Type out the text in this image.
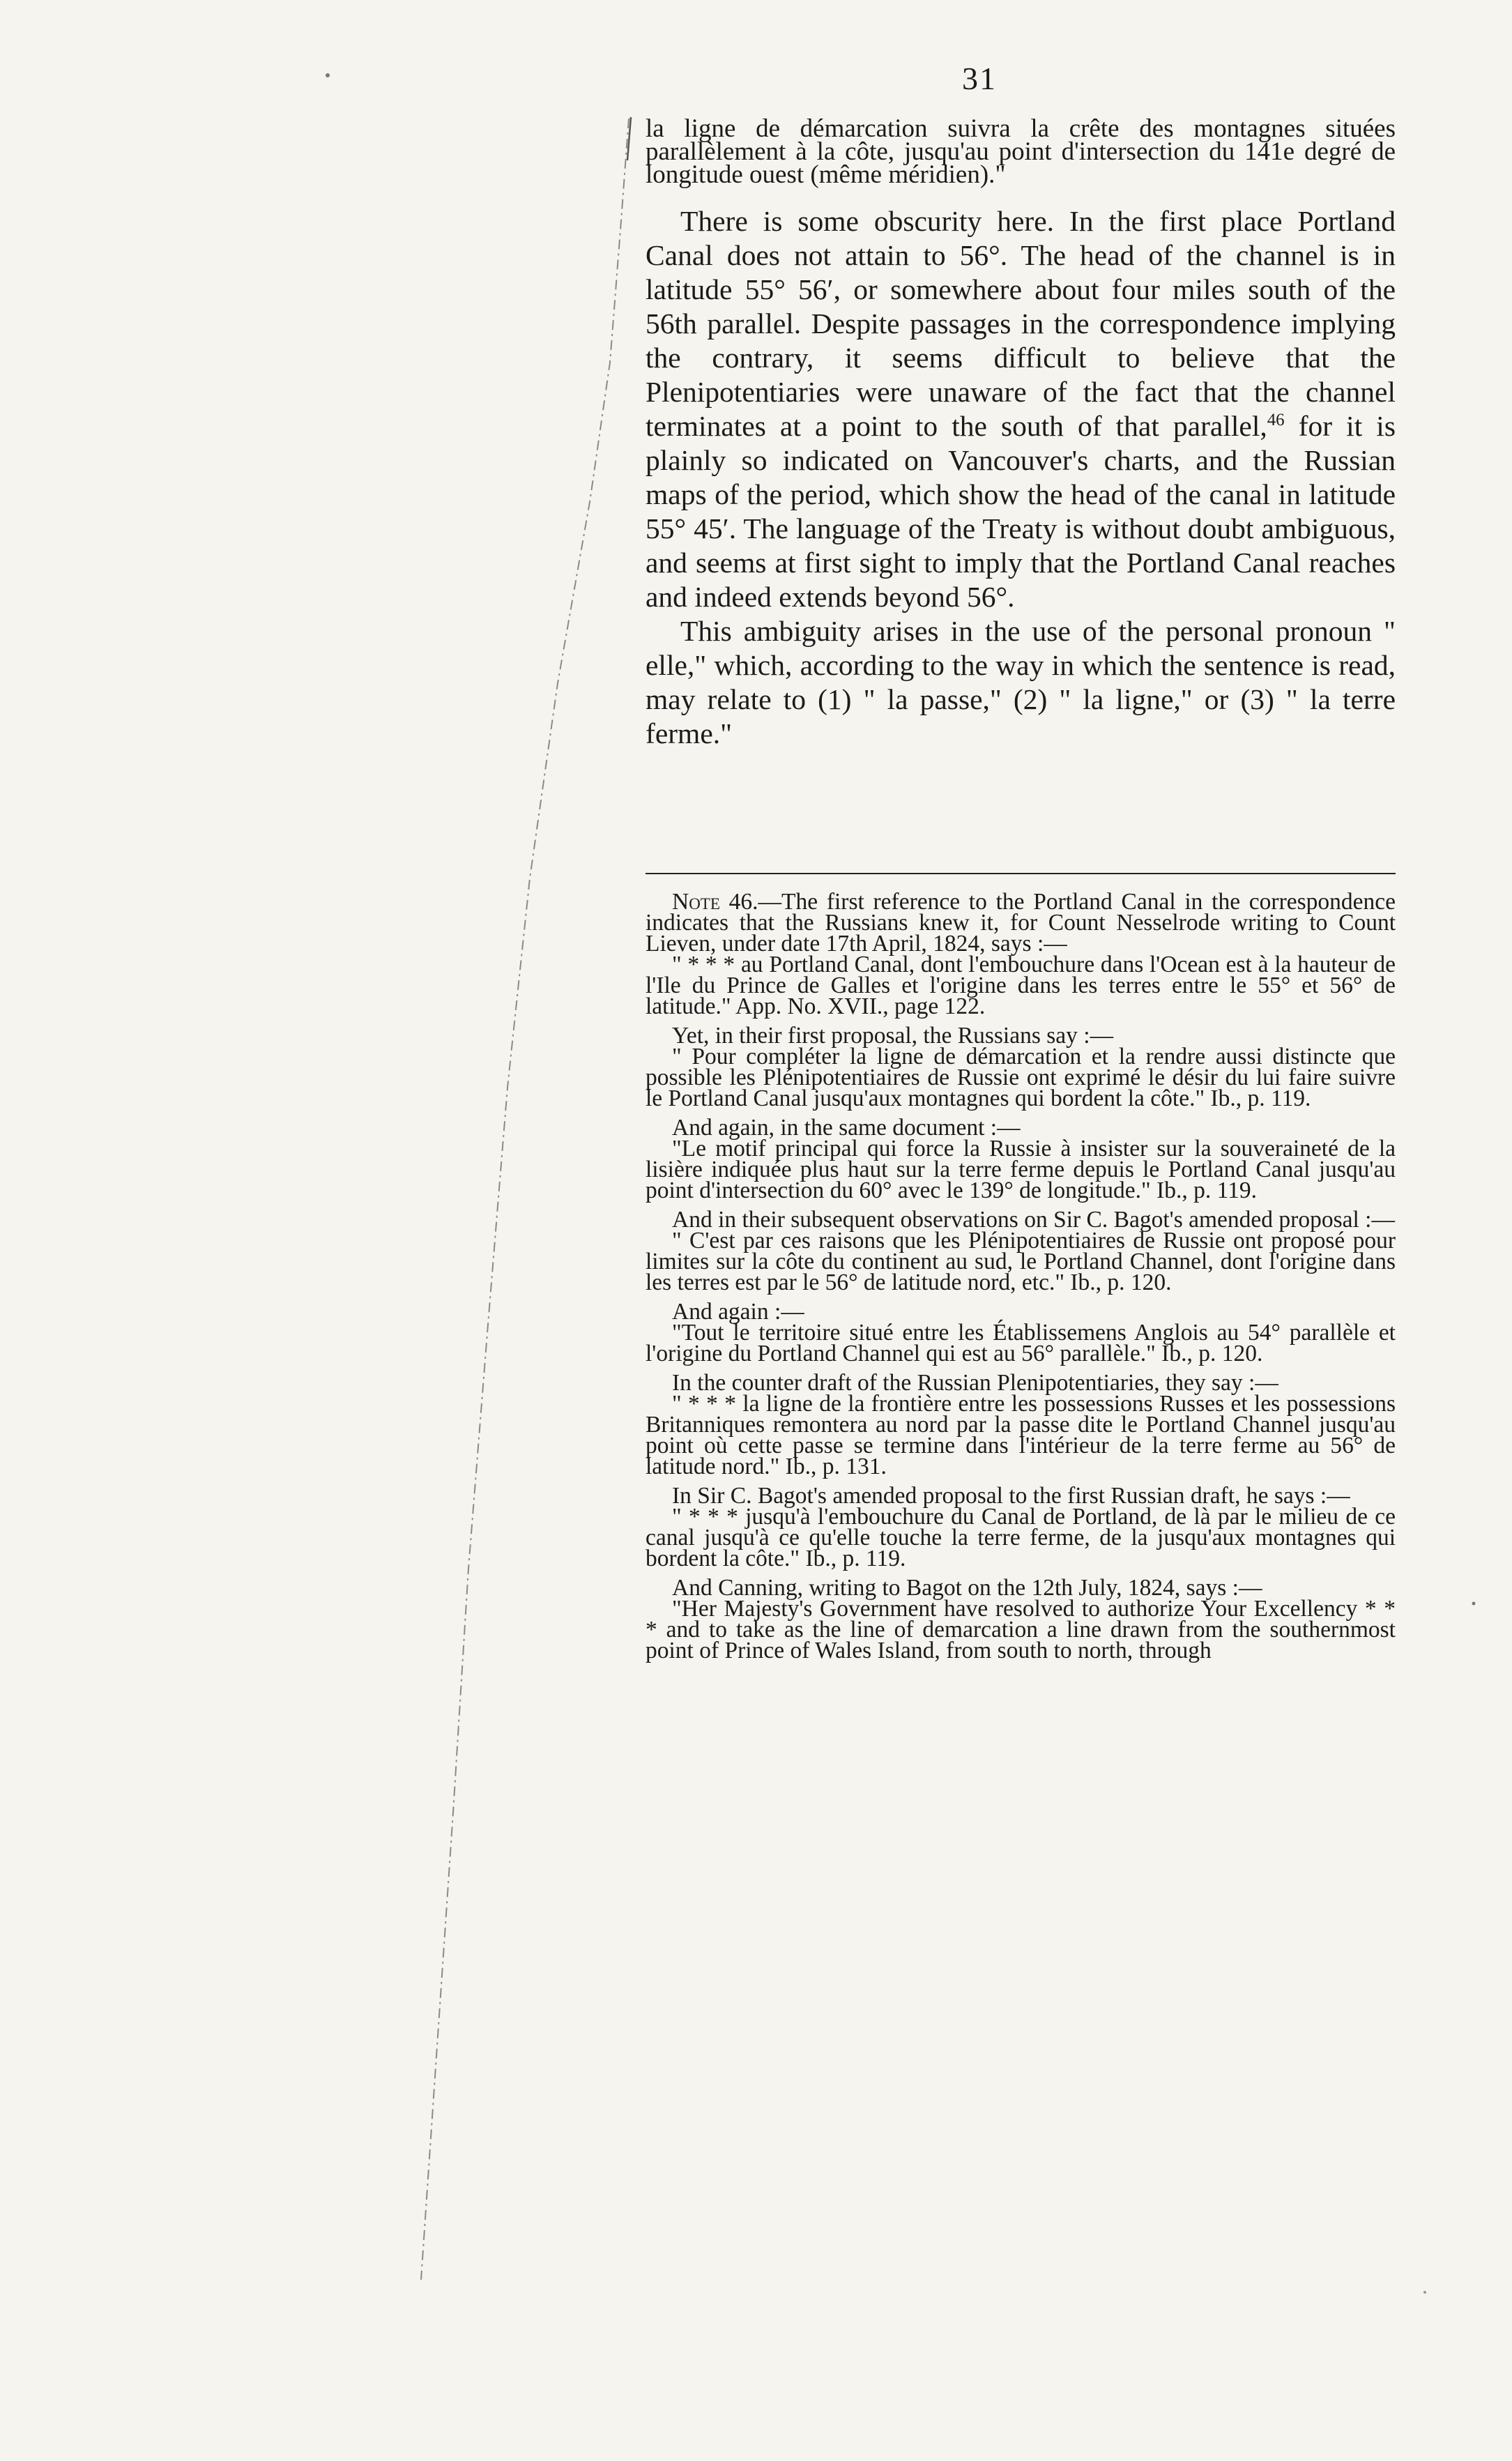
31

la ligne de démarcation suivra la crête des montagnes situées parallèlement à la côte, jusqu'au point d'intersection du 141e degré de longitude ouest (même méridien)."

There is some obscurity here. In the first place Portland Canal does not attain to 56°. The head of the channel is in latitude 55° 56′, or somewhere about four miles south of the 56th parallel. Despite passages in the correspondence implying the contrary, it seems difficult to believe that the Plenipotentiaries were unaware of the fact that the channel terminates at a point to the south of that parallel,$^{46}$ for it is plainly so indicated on Vancouver's charts, and the Russian maps of the period, which show the head of the canal in latitude 55° 45′. The language of the Treaty is without doubt ambiguous, and seems at first sight to imply that the Portland Canal reaches and indeed extends beyond 56°.

This ambiguity arises in the use of the personal pronoun " elle," which, according to the way in which the sentence is read, may relate to (1) " la passe," (2) " la ligne," or (3) " la terre ferme."

Note 46.—The first reference to the Portland Canal in the correspondence indicates that the Russians knew it, for Count Nesselrode writing to Count Lieven, under date 17th April, 1824, says :—

" * * * au Portland Canal, dont l'embouchure dans l'Ocean est à la hauteur de l'Ile du Prince de Galles et l'origine dans les terres entre le 55° et 56° de latitude." App. No. XVII., page 122.

Yet, in their first proposal, the Russians say :—

" Pour compléter la ligne de démarcation et la rendre aussi distincte que possible les Plénipotentiaires de Russie ont exprimé le désir du lui faire suivre le Portland Canal jusqu'aux montagnes qui bordent la côte." Ib., p. 119.

And again, in the same document :—

"Le motif principal qui force la Russie à insister sur la souveraineté de la lisière indiquée plus haut sur la terre ferme depuis le Portland Canal jusqu'au point d'intersection du 60° avec le 139° de longitude." Ib., p. 119.

And in their subsequent observations on Sir C. Bagot's amended proposal :—

" C'est par ces raisons que les Plénipotentiaires de Russie ont proposé pour limites sur la côte du continent au sud, le Portland Channel, dont l'origine dans les terres est par le 56° de latitude nord, etc." Ib., p. 120.

And again :—

"Tout le territoire situé entre les Établissemens Anglois au 54° parallèle et l'origine du Portland Channel qui est au 56° parallèle." Ib., p. 120.

In the counter draft of the Russian Plenipotentiaries, they say :—

" * * * la ligne de la frontière entre les possessions Russes et les possessions Britanniques remontera au nord par la passe dite le Portland Channel jusqu'au point où cette passe se termine dans l'intérieur de la terre ferme au 56° de latitude nord." Ib., p. 131.

In Sir C. Bagot's amended proposal to the first Russian draft, he says :—

" * * * jusqu'à l'embouchure du Canal de Portland, de là par le milieu de ce canal jusqu'à ce qu'elle touche la terre ferme, de la jusqu'aux montagnes qui bordent la côte." Ib., p. 119.

And Canning, writing to Bagot on the 12th July, 1824, says :—

"Her Majesty's Government have resolved to authorize Your Excellency * * * and to take as the line of demarcation a line drawn from the southernmost point of Prince of Wales Island, from south to north, through
